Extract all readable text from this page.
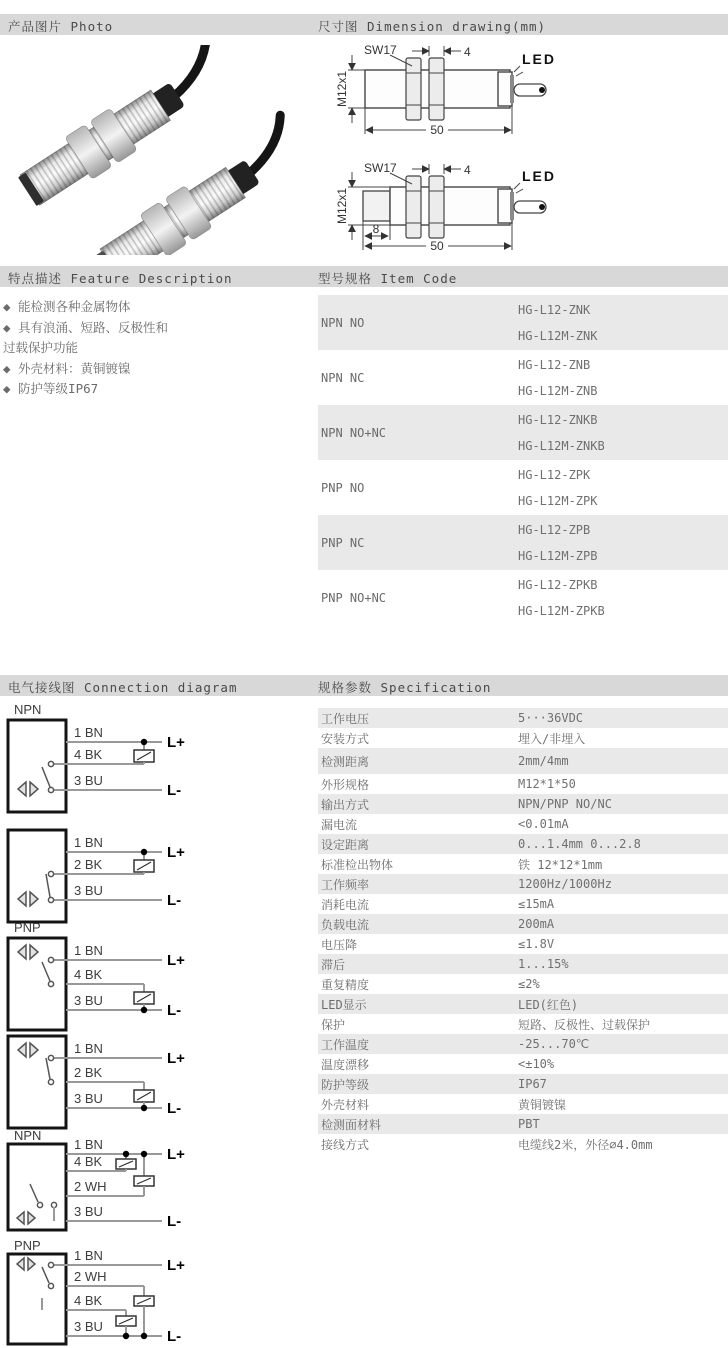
产品图片 Photo	尺寸图 Dimension drawing(mm)
特点描述 Feature Description	型号规格 Item Code
电气接线图 Connection diagram	规格参数 Specification
LED
SW17	4
M12x1
50
LED
SW17	4
M12x1
8
50
◆ 能检测各种金属物体
◆ 具有浪涌、短路、反极性和
过载保护功能
◆ 外壳材料：黄铜镀镍
◆ 防护等级IP67
NPN NO
HG-L12-ZNK
HG-L12M-ZNK
NPN NC
HG-L12-ZNB
HG-L12M-ZNB
NPN NO+NC
HG-L12-ZNKB
HG-L12M-ZNKB
PNP NO
HG-L12-ZPK
HG-L12M-ZPK
PNP NC
HG-L12-ZPB
HG-L12M-ZPB
PNP NO+NC
HG-L12-ZPKB
HG-L12M-ZPKB
工作电压	5···36VDC
安装方式	埋入/非埋入
检测距离	2mm/4mm
外形规格	M12*1*50
输出方式	NPN/PNP NO/NC
漏电流	<0.01mA
设定距离	0...1.4mm 0...2.8
标准检出物体	铁 12*12*1mm
工作频率	1200Hz/1000Hz
消耗电流	≤15mA
负载电流	200mA
电压降	≤1.8V
滞后	1...15%
重复精度	≤2%
LED显示	LED(红色)
保护	短路、反极性、过载保护
工作温度	-25...70℃
温度漂移	<±10%
防护等级	IP67
外壳材料	黄铜镀镍
检测面材料	PBT
接线方式	电缆线2米，外径∅4.0mm
NPN
1 BN
4 BK
3 BU
L+
L-
1 BN
2 BK
3 BU
L+
L-
PNP
1 BN
4 BK
3 BU
L+
L-
1 BN
2 BK
3 BU
L+
L-
NPN
1 BN
4 BK
2 WH
3 BU
L+
L-
PNP
1 BN
2 WH
4 BK
3 BU
L+
L-
